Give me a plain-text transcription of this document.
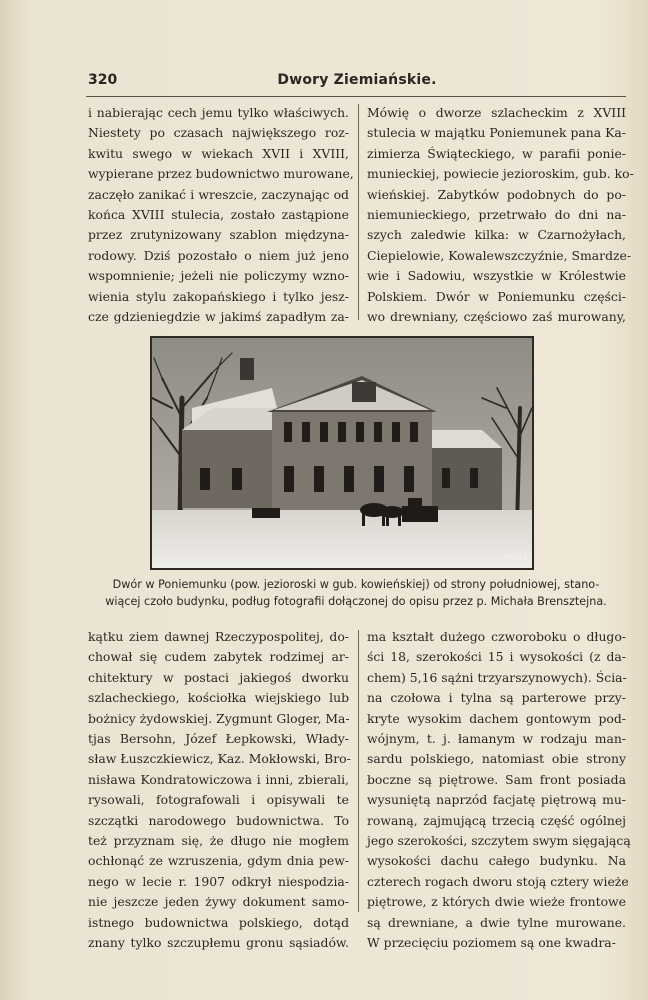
320	Dwory Ziemiańskie.
i nabierając cech jemu tylko właściwych.
Niestety po czasach największego roz-
kwitu swego w wiekach XVII i XVIII,
wypierane przez budownictwo murowane,
zaczęło zanikać i wreszcie, zaczynając od
końca XVIII stulecia, zostało zastąpione
przez zrutynizowany szablon międzyna-
rodowy. Dziś pozostało o niem już jeno
wspomnienie; jeżeli nie policzymy wzno-
wienia stylu zakopańskiego i tylko jesz-
cze gdzieniegdzie w jakimś zapadłym za-
Mówię o dworze szlacheckim z XVIII
stulecia w majątku Poniemunek pana Ka-
zimierza Świąteckiego, w parafii ponie-
munieckiej, powiecie jezioroskim, gub. ko-
wieńskiej. Zabytków podobnych do po-
niemunieckiego, przetrwało do dni na-
szych zaledwie kilka: w Czarnożyłach,
Ciepielowie, Kowalewszczyźnie, Smardze-
wie i Sadowiu, wszystkie w Królestwie
Polskiem. Dwór w Poniemunku części-
wo drewniany, częściowo zaś murowany,
M.N.F.
Dwór w Poniemunku (pow. jezioroski w gub. kowieńskiej) od strony południowej, stano-
wiącej czoło budynku, podług fotografii dołączonej do opisu przez p. Michała Brensztejna.
kątku ziem dawnej Rzeczypospolitej, do-
chował się cudem zabytek rodzimej ar-
chitektury w postaci jakiegoś dworku
szlacheckiego, kościołka wiejskiego lub
bożnicy żydowskiej. Zygmunt Gloger, Ma-
tjas Bersohn, Józef Łepkowski, Włady-
sław Łuszczkiewicz, Kaz. Mokłowski, Bro-
nisława Kondratowiczowa i inni, zbierali,
rysowali, fotografowali i opisywali te
szczątki narodowego budownictwa. To
też przyznam się, że długo nie mogłem
ochłonąć ze wzruszenia, gdym dnia pew-
nego w lecie r. 1907 odkrył niespodzia-
nie jeszcze jeden żywy dokument samo-
istnego budownictwa polskiego, dotąd
znany tylko szczupłemu gronu sąsiadów.
ma kształt dużego czworoboku o długo-
ści 18, szerokości 15 i wysokości (z da-
chem) 5,16 sążni trzyarszynowych). Ścia-
na czołowa i tylna są parterowe przy-
kryte wysokim dachem gontowym pod-
wójnym, t. j. łamanym w rodzaju man-
sardu polskiego, natomiast obie strony
boczne są piętrowe. Sam front posiada
wysuniętą naprzód facjatę piętrową mu-
rowaną, zajmującą trzecią część ogólnej
jego szerokości, szczytem swym sięgającą
wysokości dachu całego budynku. Na
czterech rogach dworu stoją cztery wieże
piętrowe, z których dwie wieże frontowe
są drewniane, a dwie tylne murowane.
W przecięciu poziomem są one kwadra-
